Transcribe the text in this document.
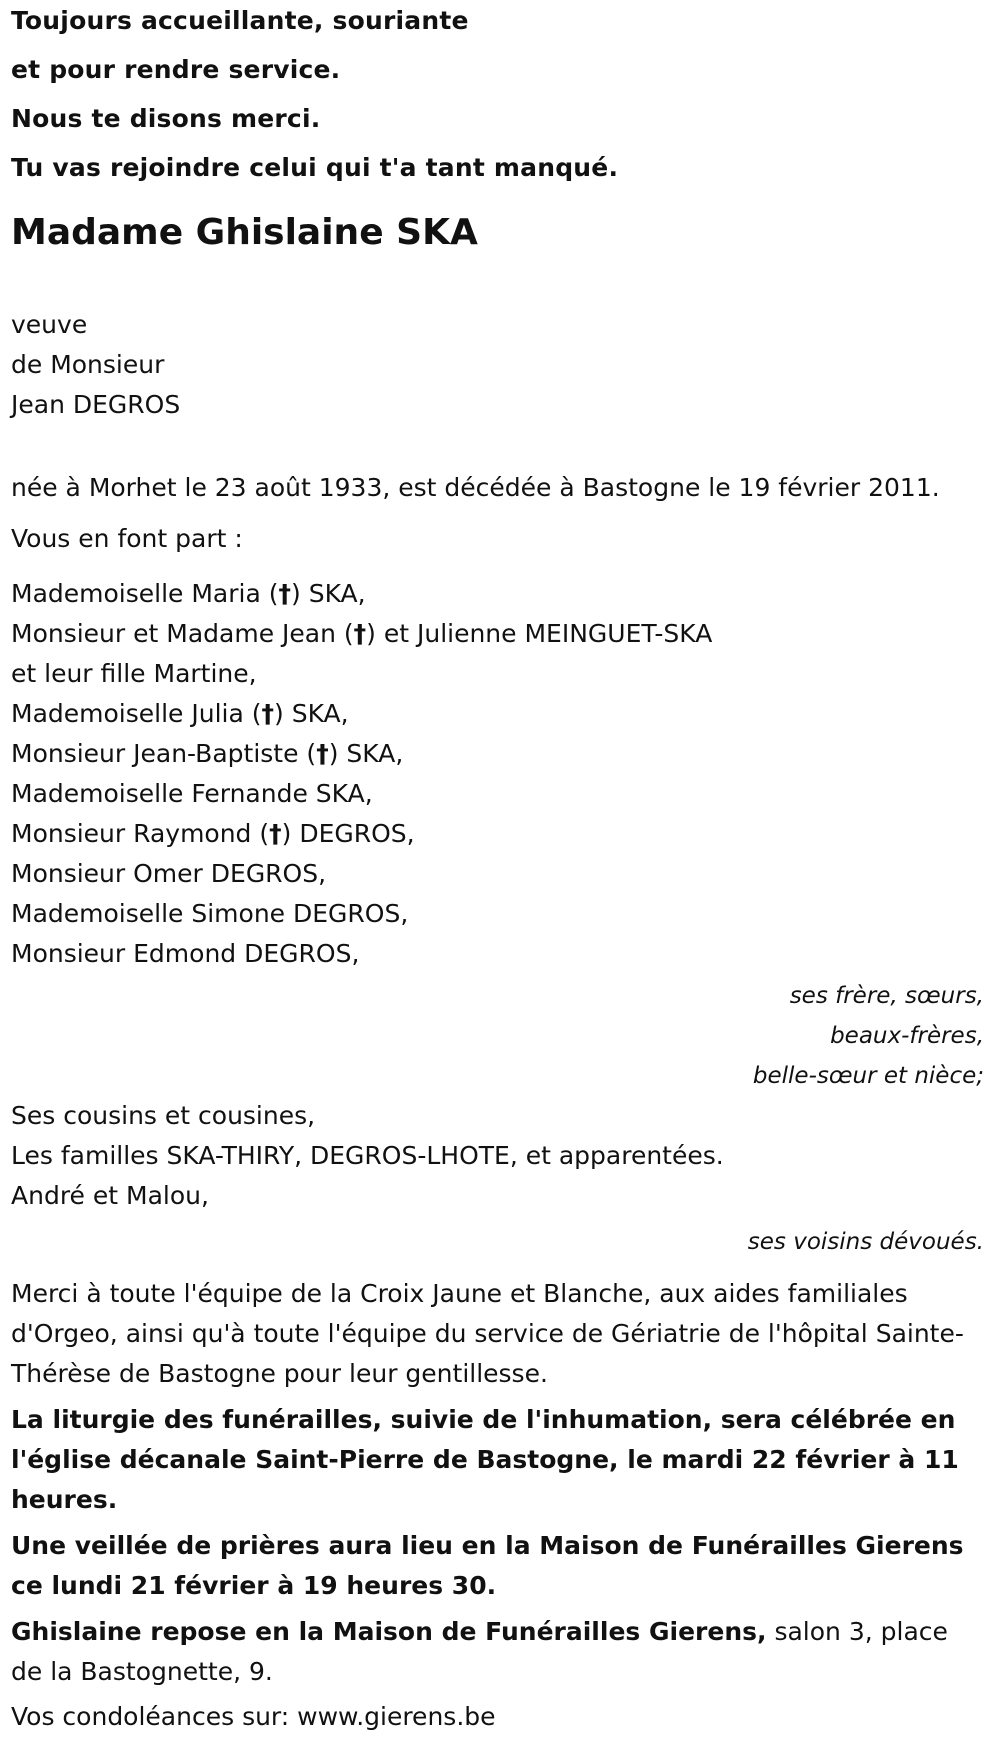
Toujours accueillante, souriante
et pour rendre service.
Nous te disons merci.
Tu vas rejoindre celui qui t'a tant manqué.
Madame Ghislaine SKA
veuve
de Monsieur
Jean DEGROS
née à Morhet le 23 août 1933, est décédée à Bastogne le 19 février 2011.
Vous en font part :
Mademoiselle Maria (†) SKA,
Monsieur et Madame Jean (†) et Julienne MEINGUET-SKA
et leur fille Martine,
Mademoiselle Julia (†) SKA,
Monsieur Jean-Baptiste (†) SKA,
Mademoiselle Fernande SKA,
Monsieur Raymond (†) DEGROS,
Monsieur Omer DEGROS,
Mademoiselle Simone DEGROS,
Monsieur Edmond DEGROS,
ses frère, sœurs,
beaux-frères,
belle-sœur et nièce;
Ses cousins et cousines,
Les familles SKA-THIRY, DEGROS-LHOTE, et apparentées.
André et Malou,
ses voisins dévoués.
Merci à toute l'équipe de la Croix Jaune et Blanche, aux aides familiales d'Orgeo, ainsi qu'à toute l'équipe du service de Gériatrie de l'hôpital Sainte-Thérèse de Bastogne pour leur gentillesse.
La liturgie des funérailles, suivie de l'inhumation, sera célébrée en l'église décanale Saint-Pierre de Bastogne, le mardi 22 février à 11 heures.
Une veillée de prières aura lieu en la Maison de Funérailles Gierens ce lundi 21 février à 19 heures 30.
Ghislaine repose en la Maison de Funérailles Gierens, salon 3, place de la Bastognette, 9.
Vos condoléances sur: www.gierens.be
